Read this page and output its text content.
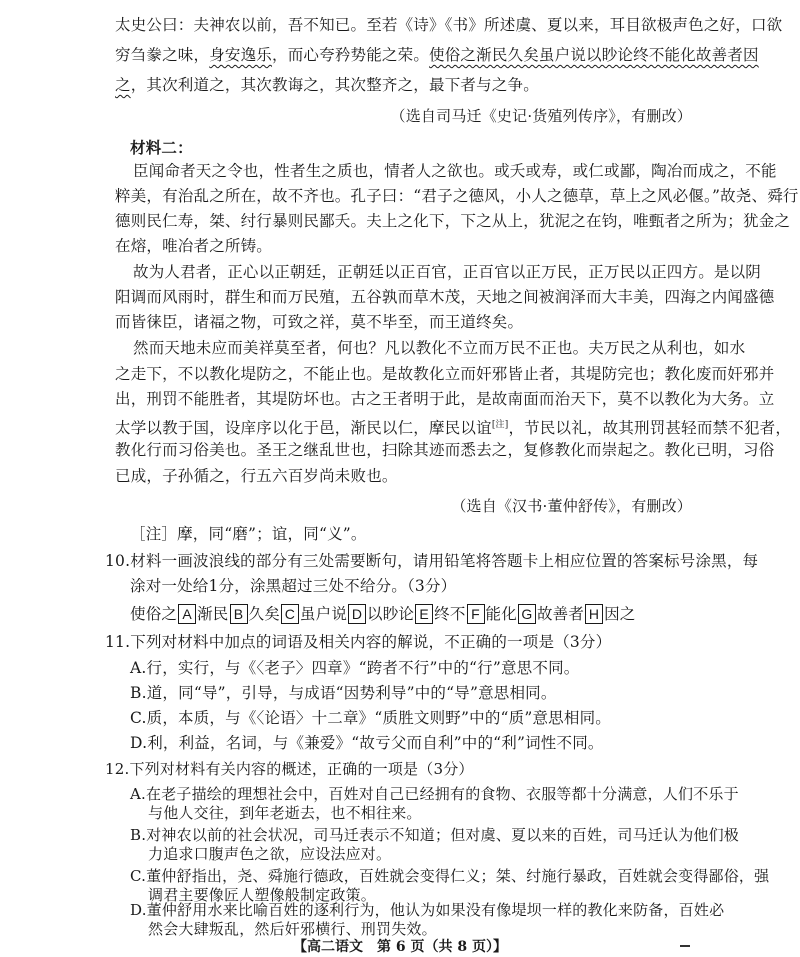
太史公曰：夫神农以前，吾不知已。至若《诗》《书》所述虞、夏以来，耳目欲极声色之好，口欲
穷刍豢之味，身安逸乐，而心夸矜势能之荣。使俗之渐民久矣虽户说以眇论终不能化故善者因
之，其次利道之，其次教诲之，其次整齐之，最下者与之争。
（选自司马迁《史记·货殖列传序》，有删改）
材料二：
臣闻命者天之令也，性者生之质也，情者人之欲也。或夭或寿，或仁或鄙，陶冶而成之，不能
粹美，有治乱之所在，故不齐也。孔子曰：“君子之德风，小人之德草，草上之风必偃。”故尧、舜行
德则民仁寿，桀、纣行暴则民鄙夭。夫上之化下，下之从上，犹泥之在钧，唯甄者之所为；犹金之
在熔，唯冶者之所铸。
故为人君者，正心以正朝廷，正朝廷以正百官，正百官以正万民，正万民以正四方。是以阴
阳调而风雨时，群生和而万民殖，五谷孰而草木茂，天地之间被润泽而大丰美，四海之内闻盛德
而皆徕臣，诸福之物，可致之祥，莫不毕至，而王道终矣。
然而天地未应而美祥莫至者，何也？凡以教化不立而万民不正也。夫万民之从利也，如水
之走下，不以教化堤防之，不能止也。是故教化立而奸邪皆止者，其堤防完也；教化废而奸邪并
出，刑罚不能胜者，其堤防坏也。古之王者明于此，是故南面而治天下，莫不以教化为大务。立
太学以教于国，设庠序以化于邑，渐民以仁，摩民以谊[注]，节民以礼，故其刑罚甚轻而禁不犯者，
教化行而习俗美也。圣王之继乱世也，扫除其迹而悉去之，复修教化而崇起之。教化已明，习俗
已成，子孙循之，行五六百岁尚未败也。
（选自《汉书·董仲舒传》，有删改）
［注］摩，同“磨”；谊，同“义”。
10.材料一画波浪线的部分有三处需要断句，请用铅笔将答题卡上相应位置的答案标号涂黑，每
涂对一处给1分，涂黑超过三处不给分。（3分）
使俗之 A 渐民 B 久矣 C 虽户说 D 以眇论 E 终不 F 能化 G 故善者 H 因之
11.下列对材料中加点的词语及相关内容的解说，不正确的一项是（3分）
A.行，实行，与《〈老子〉四章》“跨者不行”中的“行”意思不同。
B.道，同“导”，引导，与成语“因势利导”中的“导”意思相同。
C.质，本质，与《〈论语〉十二章》“质胜文则野”中的“质”意思相同。
D.利，利益，名词，与《兼爱》“故亏父而自利”中的“利”词性不同。
12.下列对材料有关内容的概述，正确的一项是（3分）
A.在老子描绘的理想社会中，百姓对自己已经拥有的食物、衣服等都十分满意，人们不乐于
与他人交往，到年老逝去，也不相往来。
B.对神农以前的社会状况，司马迁表示不知道；但对虞、夏以来的百姓，司马迁认为他们极
力追求口腹声色之欲，应设法应对。
C.董仲舒指出，尧、舜施行德政，百姓就会变得仁义；桀、纣施行暴政，百姓就会变得鄙俗，强
调君主要像匠人塑像般制定政策。
D.董仲舒用水来比喻百姓的逐利行为，他认为如果没有像堤坝一样的教化来防备，百姓必
然会大肆叛乱，然后奸邪横行、刑罚失效。
【高二语文　第 6 页（共 8 页）】
